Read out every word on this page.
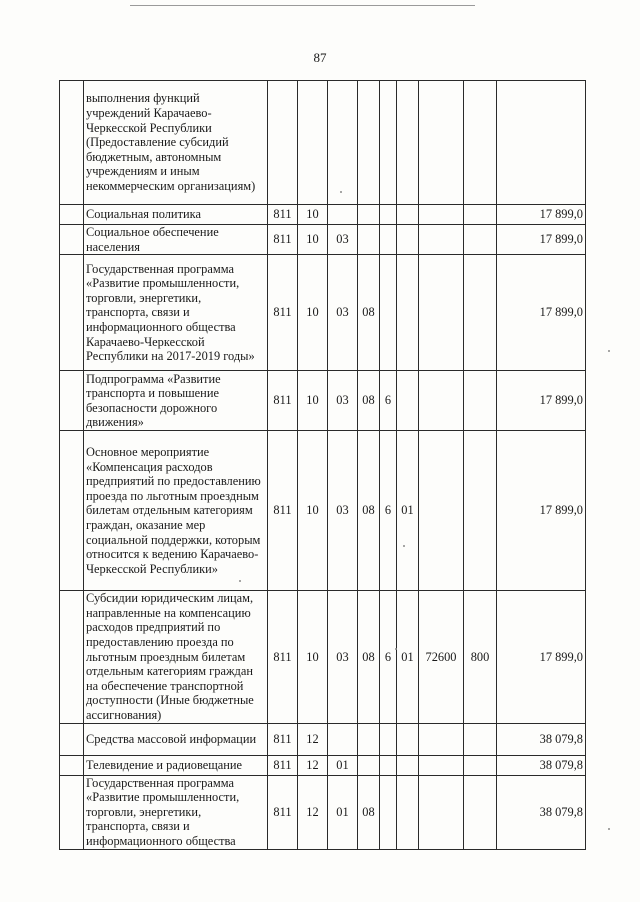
87
	выполнения функций учреждений Карачаево-Черкесской Республики (Предоставление субсидий бюджетным, автономным учреждениям и иным некоммерческим организациям)									
	Социальная политика	811	10							17 899,0
	Социальное обеспечение населения	811	10	03						17 899,0
	Государственная программа «Развитие промышленности, торговли, энергетики, транспорта, связи и информационного общества Карачаево-Черкесской Республики на 2017-2019 годы»	811	10	03	08					17 899,0
	Подпрограмма «Развитие транспорта и повышение безопасности дорожного движения»	811	10	03	08	6				17 899,0
	Основное мероприятие «Компенсация расходов предприятий по предоставлению проезда по льготным проездным билетам отдельным категориям граждан, оказание мер социальной поддержки, которым относится к ведению Карачаево-Черкесской Республики»	811	10	03	08	6	01			17 899,0
	Субсидии юридическим лицам, направленные на компенсацию расходов предприятий по предоставлению проезда по льготным проездным билетам отдельным категориям граждан на обеспечение транспортной доступности (Иные бюджетные ассигнования)	811	10	03	08	6	01	72600	800	17 899,0
	Средства массовой информации	811	12							38 079,8
	Телевидение и радиовещание	811	12	01						38 079,8
	Государственная программа «Развитие промышленности, торговли, энергетики, транспорта, связи и информационного общества	811	12	01	08					38 079,8
